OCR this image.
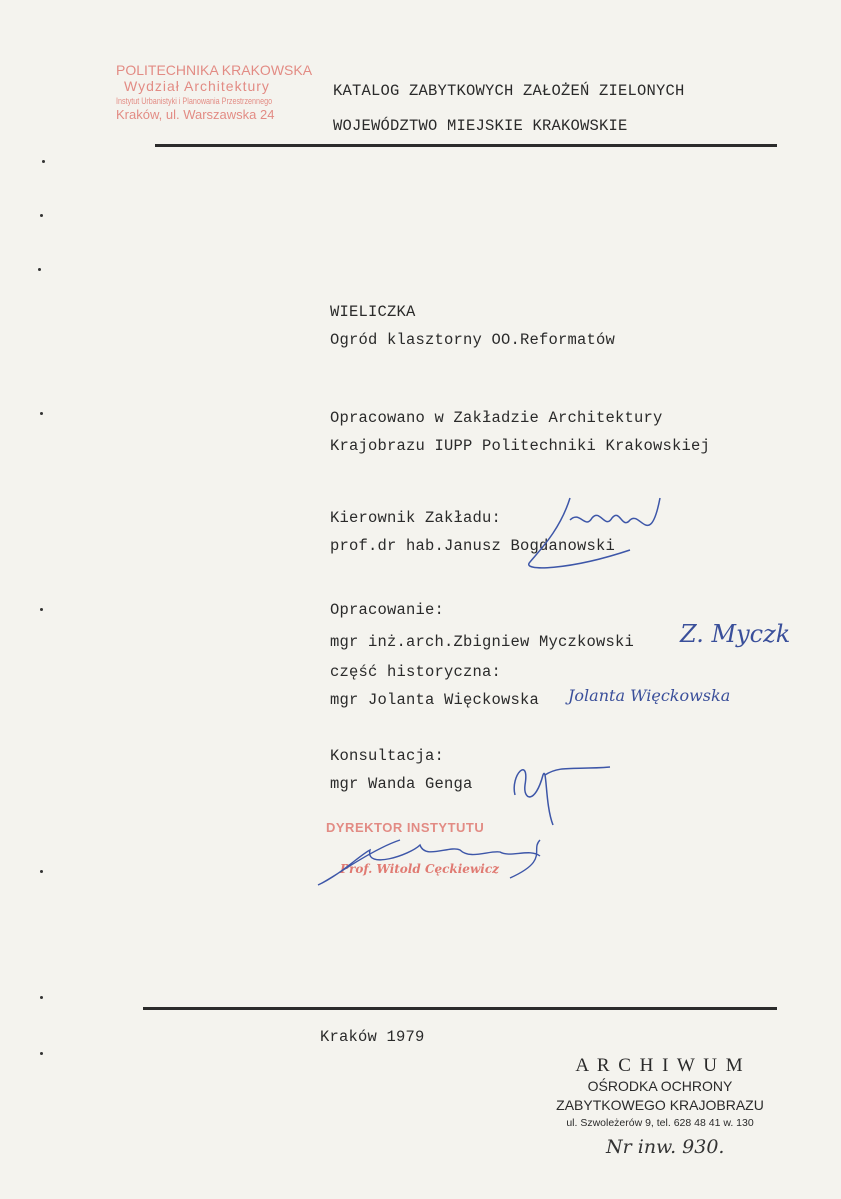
POLITECHNIKA KRAKOWSKA
Wydział Architektury
Instytut Urbanistyki i Planowania Przestrzennego
Kraków, ul. Warszawska 24
KATALOG ZABYTKOWYCH ZAŁOŻEŃ ZIELONYCH
WOJEWÓDZTWO MIEJSKIE KRAKOWSKIE
WIELICZKA
Ogród klasztorny OO.Reformatów
Opracowano w Zakładzie Architektury
Krajobrazu IUPP Politechniki Krakowskiej
Kierownik Zakładu:
prof.dr hab.Janusz Bogdanowski
Opracowanie:
mgr inż.arch.Zbigniew Myczkowski Z. Myczk
część historyczna:
mgr Jolanta Więckowska Jolanta Więckowska
Konsultacja:
mgr Wanda Genga
DYREKTOR INSTYTUTU
Prof. Witold Cęckiewicz
Kraków 1979
A R C H I W U M
OŚRODKA OCHRONY
ZABYTKOWEGO KRAJOBRAZU
ul. Szwoleżerów 9, tel. 628 48 41 w. 130
Nr inw. 930.
